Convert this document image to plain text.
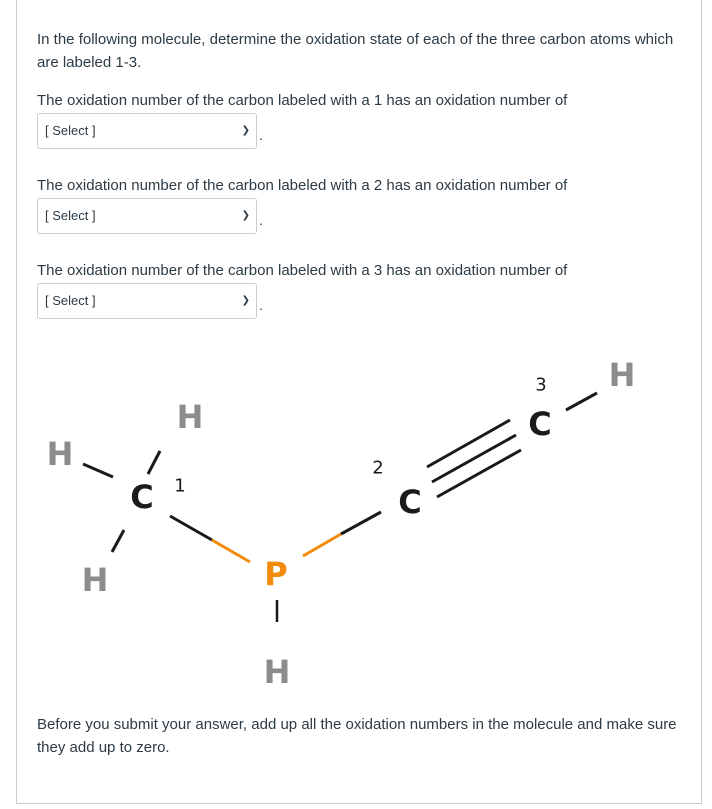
In the following molecule, determine the oxidation state of each of the three carbon atoms which are labeled 1-3.

The oxidation number of the carbon labeled with a 1 has an oxidation number of
[ Select ]	❯ .
The oxidation number of the carbon labeled with a 2 has an oxidation number of
[ Select ]	❯ .
The oxidation number of the carbon labeled with a 3 has an oxidation number of
[ Select ]	❯ .

Before you submit your answer, add up all the oxidation numbers in the molecule and make sure they add up to zero.

H
H
C
H	P
H
C
C
H
1
2
3
